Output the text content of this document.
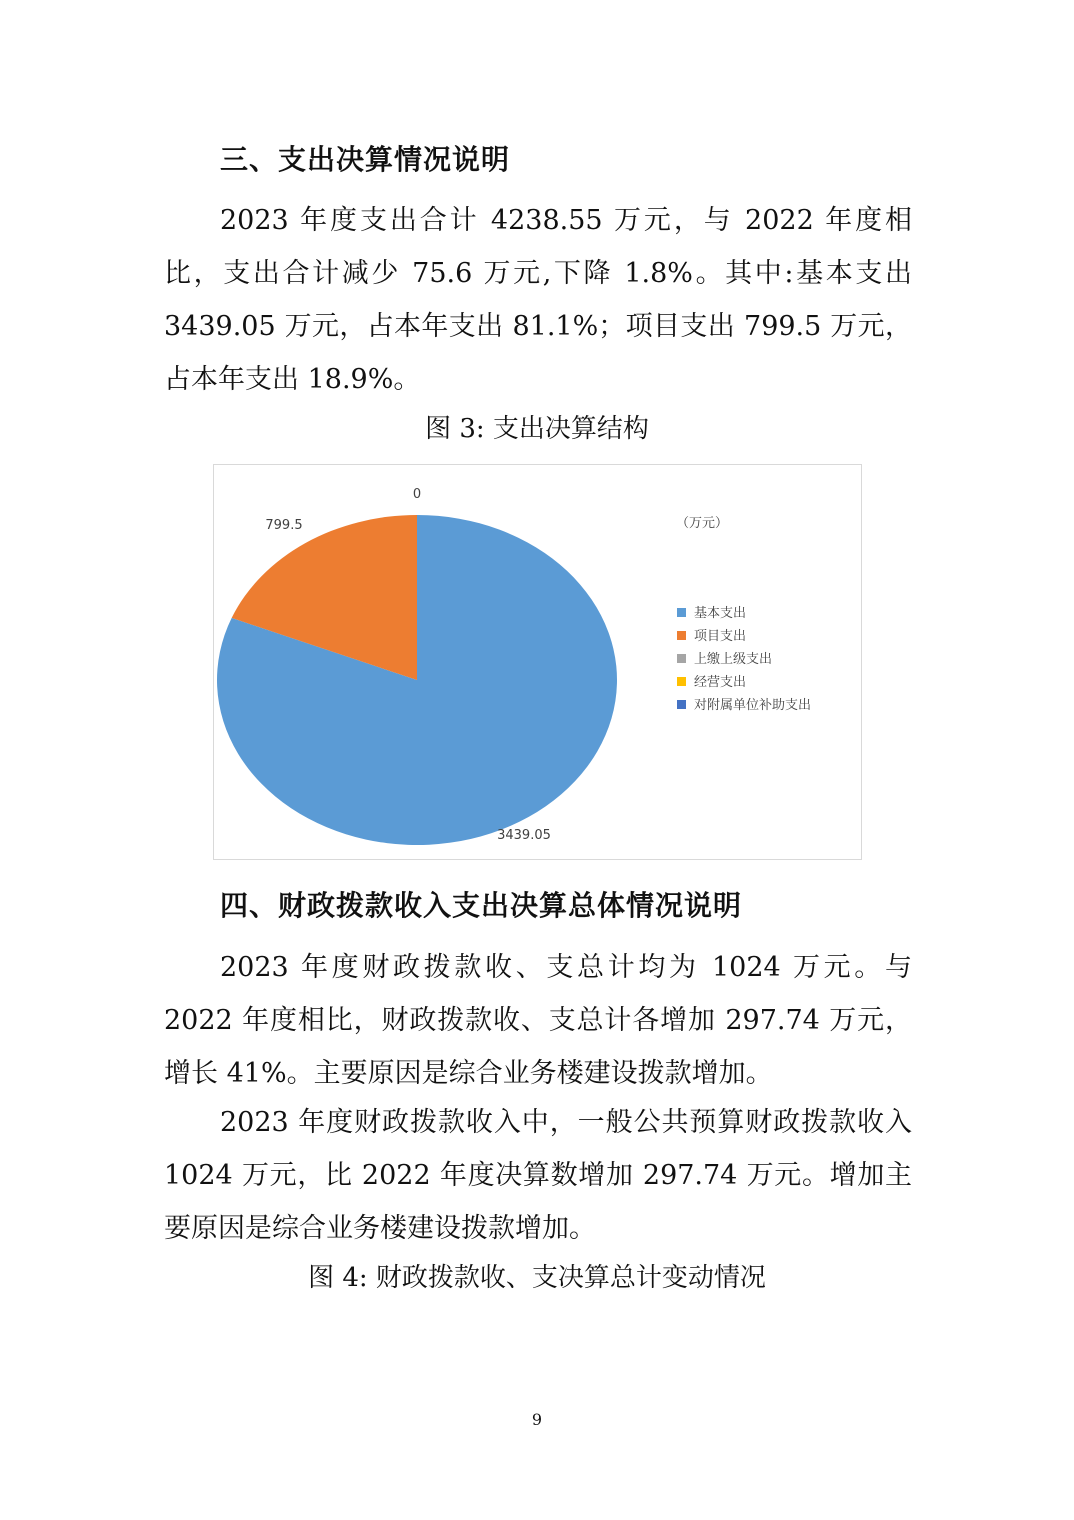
三、支出决算情况说明

2023 年度支出合计 4238.55 万元，与 2022 年度相比，支出合计减少 75.6 万元,下降 1.8%。其中:基本支出 3439.05 万元，占本年支出 81.1%；项目支出 799.5 万元，占本年支出 18.9%。

图 3: 支出决算结构

3439.05
799.5
0
（万元）
基本支出
项目支出
上缴上级支出
经营支出
对附属单位补助支出
四、财政拨款收入支出决算总体情况说明

2023 年度财政拨款收、支总计均为 1024 万元。与 2022 年度相比，财政拨款收、支总计各增加 297.74 万元，增长 41%。主要原因是综合业务楼建设拨款增加。

2023 年度财政拨款收入中，一般公共预算财政拨款收入 1024 万元，比 2022 年度决算数增加 297.74 万元。增加主要原因是综合业务楼建设拨款增加。

图 4: 财政拨款收、支决算总计变动情况

9
